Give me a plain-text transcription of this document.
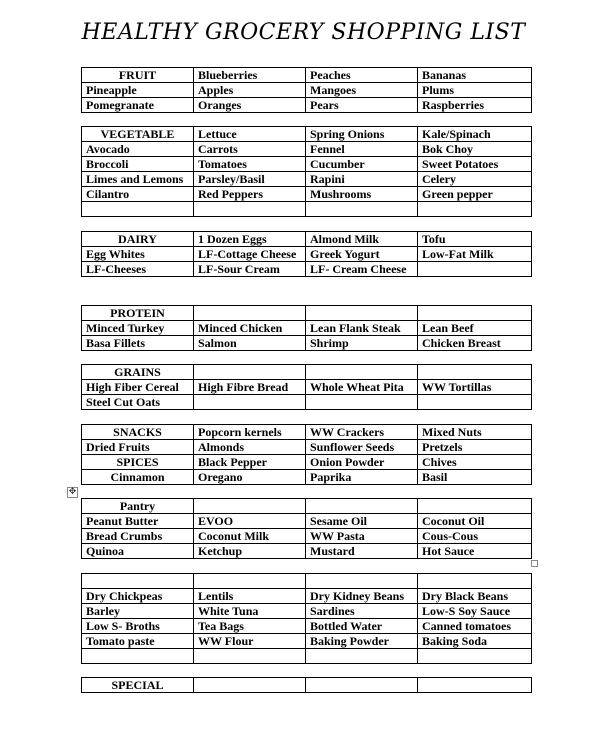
HEALTHY GROCERY SHOPPING LIST
✥
FRUIT	Blueberries	Peaches	Bananas
Pineapple	Apples	Mangoes	Plums
Pomegranate	Oranges	Pears	Raspberries
VEGETABLE	Lettuce	Spring Onions	Kale/Spinach
Avocado	Carrots	Fennel	Bok Choy
Broccoli	Tomatoes	Cucumber	Sweet Potatoes
Limes and Lemons	Parsley/Basil	Rapini	Celery
Cilantro	Red Peppers	Mushrooms	Green pepper

DAIRY	1 Dozen Eggs	Almond Milk	Tofu
Egg Whites	LF-Cottage Cheese	Greek Yogurt	Low-Fat Milk
LF-Cheeses	LF-Sour Cream	LF- Cream Cheese	
PROTEIN			
Minced Turkey	Minced Chicken	Lean Flank Steak	Lean Beef
Basa Fillets	Salmon	Shrimp	Chicken Breast
GRAINS			
High Fiber Cereal	High Fibre Bread	Whole Wheat Pita	WW Tortillas
Steel Cut Oats			
SNACKS	Popcorn kernels	WW Crackers	Mixed Nuts
Dried Fruits	Almonds	Sunflower Seeds	Pretzels
SPICES	Black Pepper	Onion Powder	Chives
Cinnamon	Oregano	Paprika	Basil
Pantry			
Peanut Butter	EVOO	Sesame Oil	Coconut Oil
Bread Crumbs	Coconut Milk	WW Pasta	Cous-Cous
Quinoa	Ketchup	Mustard	Hot Sauce

Dry Chickpeas	Lentils	Dry Kidney Beans	Dry Black Beans
Barley	White Tuna	Sardines	Low-S Soy Sauce
Low S- Broths	Tea Bags	Bottled Water	Canned tomatoes
Tomato paste	WW Flour	Baking Powder	Baking Soda

SPECIAL			
